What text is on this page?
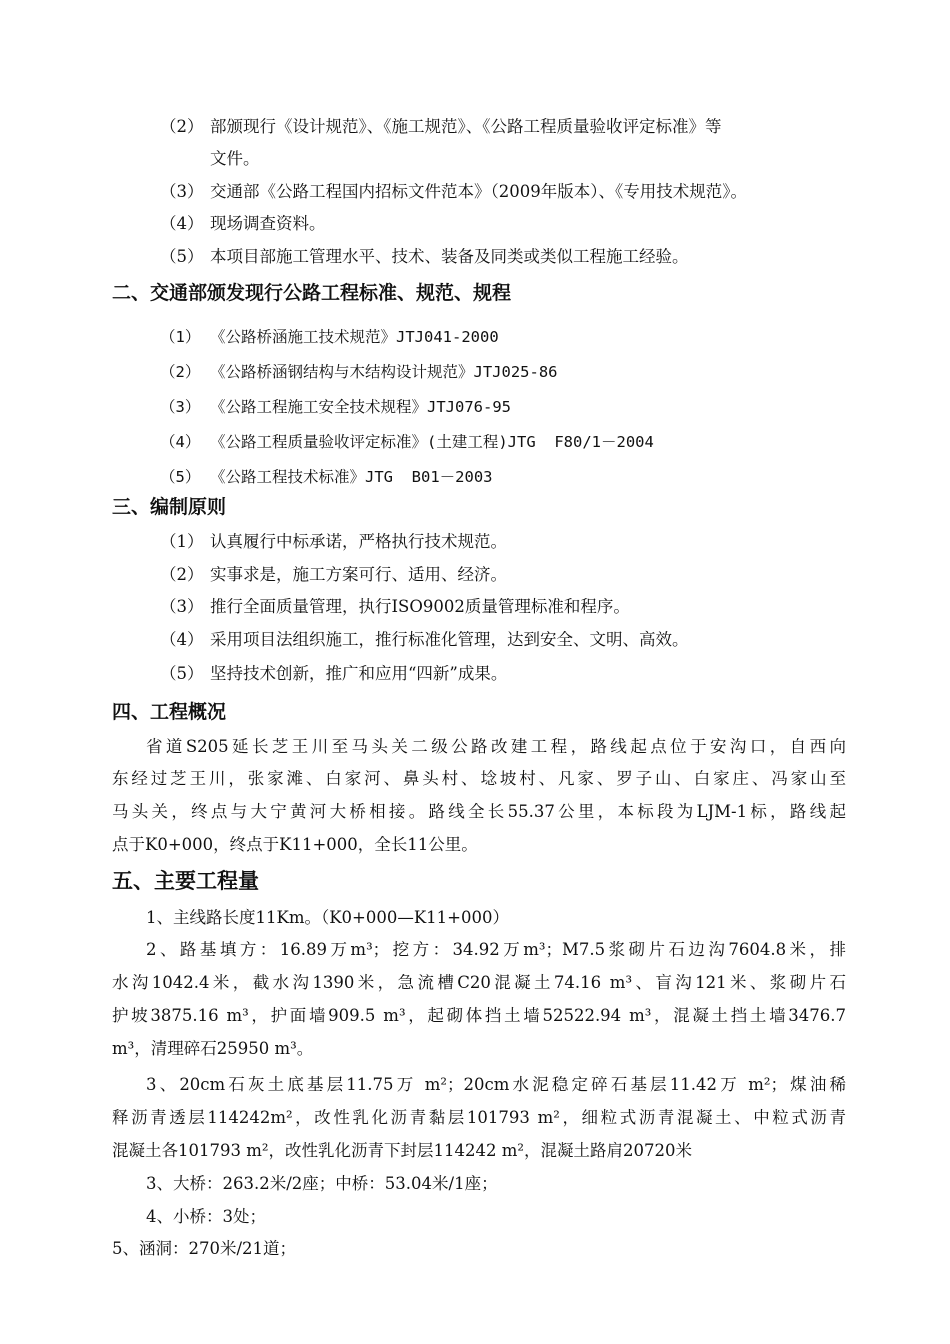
（2） 部颁现行《设计规范》、《施工规范》、《公路工程质量验收评定标准》等
文件。
（3） 交通部《公路工程国内招标文件范本》（2009年版本）、《专用技术规范》。
（4） 现场调查资料。
（5） 本项目部施工管理水平、技术、装备及同类或类似工程施工经验。
二、交通部颁发现行公路工程标准、规范、规程
（1） 《公路桥涵施工技术规范》JTJ041-2000
（2） 《公路桥涵钢结构与木结构设计规范》JTJ025-86
（3） 《公路工程施工安全技术规程》JTJ076-95
（4） 《公路工程质量验收评定标准》(土建工程)JTG  F80/1－2004
（5） 《公路工程技术标准》JTG  B01－2003
三、编制原则
（1） 认真履行中标承诺，严格执行技术规范。
（2） 实事求是，施工方案可行、适用、经济。
（3） 推行全面质量管理，执行ISO9002质量管理标准和程序。
（4） 采用项目法组织施工，推行标准化管理，达到安全、文明、高效。
（5） 坚持技术创新，推广和应用“四新”成果。
四、工程概况
省道S205延长芝王川至马头关二级公路改建工程，路线起点位于安沟口，自西向
东经过芝王川，张家滩、白家河、鼻头村、埝坡村、凡家、罗子山、白家庄、冯家山至
马头关，终点与大宁黄河大桥相接。路线全长55.37公里，本标段为LJM-1标，路线起
点于K0+000，终点于K11+000，全长11公里。
五、主要工程量
1、主线路长度11Km。（K0+000—K11+000）
2、路基填方：16.89万m³；挖方：34.92万m³；M7.5浆砌片石边沟7604.8米，排
水沟1042.4米，截水沟1390米，急流槽C20混凝土74.16 m³、盲沟121米、浆砌片石
护坡3875.16 m³，护面墙909.5 m³，起砌体挡土墙52522.94 m³，混凝土挡土墙3476.7
m³，清理碎石25950 m³。
3、20cm石灰土底基层11.75万 m²；20cm水泥稳定碎石基层11.42万 m²；煤油稀
释沥青透层114242m²，改性乳化沥青黏层101793 m²，细粒式沥青混凝土、中粒式沥青
混凝土各101793 m²，改性乳化沥青下封层114242 m²，混凝土路肩20720米
3、大桥：263.2米/2座；中桥：53.04米/1座；
4、小桥：3处；
5、涵洞：270米/21道；
